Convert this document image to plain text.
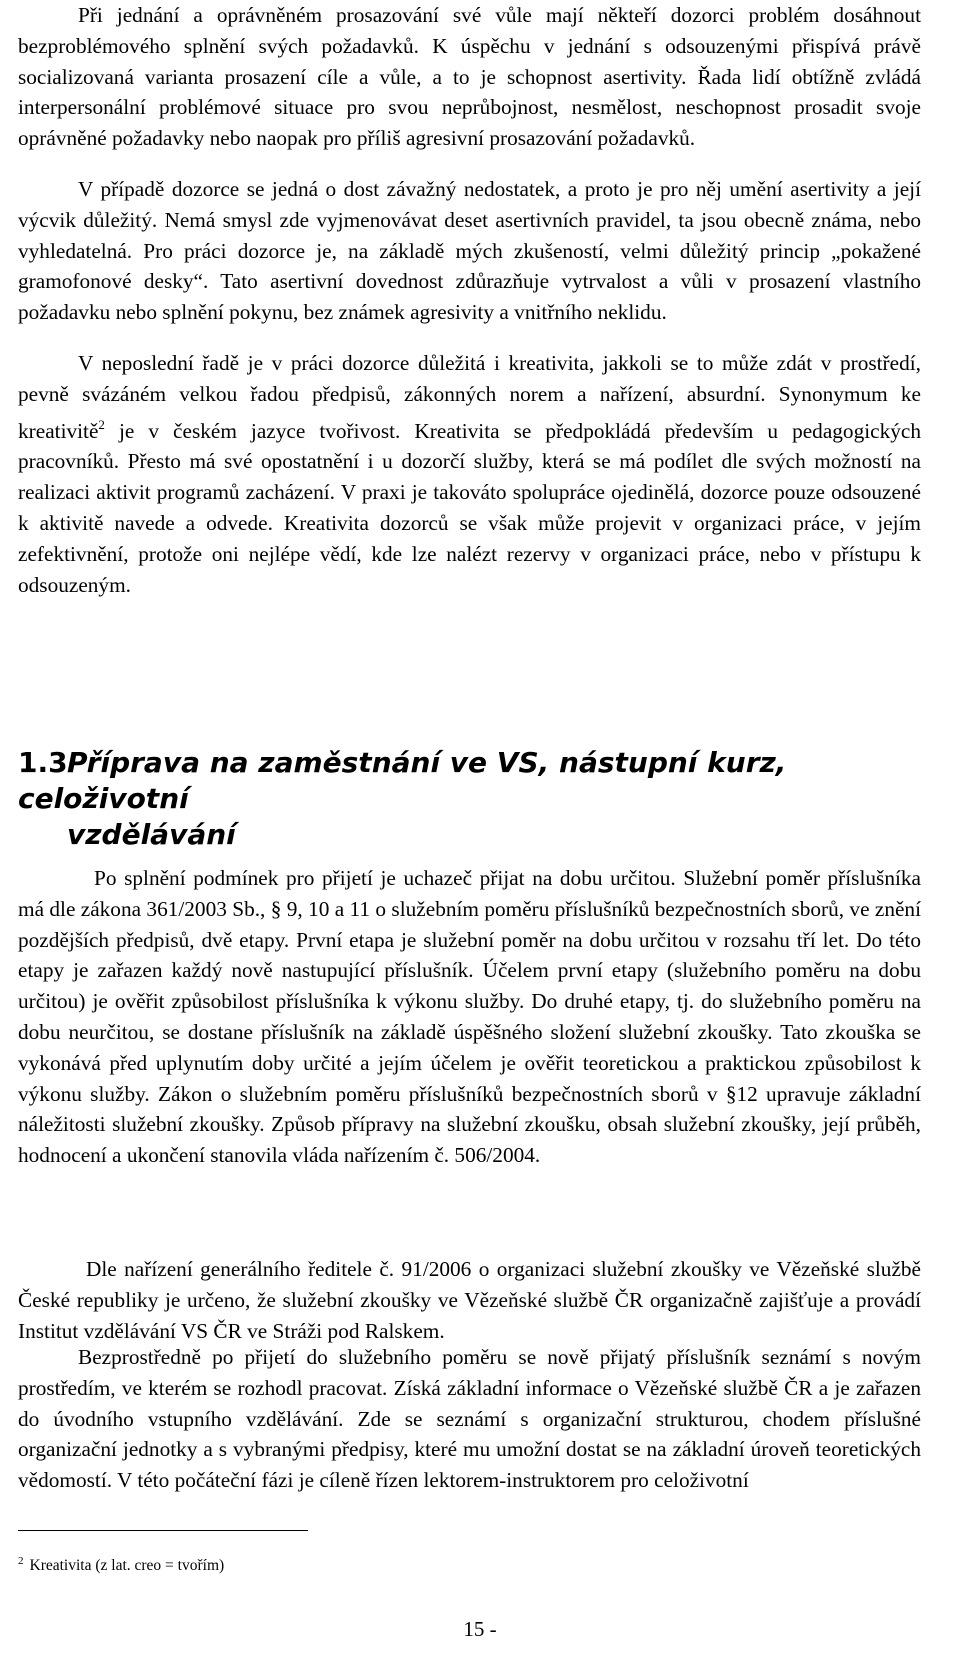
Při jednání a oprávněném prosazování své vůle mají někteří dozorci problém dosáhnout bezproblémového splnění svých požadavků. K úspěchu v jednání s odsouzenými přispívá právě socializovaná varianta prosazení cíle a vůle, a to je schopnost asertivity. Řada lidí obtížně zvládá interpersonální problémové situace pro svou neprůbojnost, nesmělost, neschopnost prosadit svoje oprávněné požadavky nebo naopak pro příliš agresivní prosazování požadavků.

V případě dozorce se jedná o dost závažný nedostatek, a proto je pro něj umění asertivity a její výcvik důležitý. Nemá smysl zde vyjmenovávat deset asertivních pravidel, ta jsou obecně známa, nebo vyhledatelná. Pro práci dozorce je, na základě mých zkušeností, velmi důležitý princip „pokažené gramofonové desky“. Tato asertivní dovednost zdůrazňuje vytrvalost a vůli v prosazení vlastního požadavku nebo splnění pokynu, bez známek agresivity a vnitřního neklidu.

V neposlední řadě je v práci dozorce důležitá i kreativita, jakkoli se to může zdát v prostředí, pevně svázáném velkou řadou předpisů, zákonných norem a nařízení, absurdní. Synonymum ke kreativitě$^2$ je v českém jazyce tvořivost. Kreativita se předpokládá především u pedagogických pracovníků. Přesto má své opostatnění i u dozorčí služby, která se má podílet dle svých možností na realizaci aktivit programů zacházení. V praxi je takováto spolupráce ojedinělá, dozorce pouze odsouzené k aktivitě navede a odvede. Kreativita dozorců se však může projevit v organizaci práce, v jejím zefektivnění, protože oni nejlépe vědí, kde lze nalézt rezervy v organizaci práce, nebo v přístupu k odsouzeným.

1.3Příprava na zaměstnání ve VS, nástupní kurz, celoživotní
vzdělávání

Po splnění podmínek pro přijetí je uchazeč přijat na dobu určitou. Služební poměr příslušníka má dle zákona 361/2003 Sb., § 9, 10 a 11 o služebním poměru příslušníků bezpečnostních sborů, ve znění pozdějších předpisů, dvě etapy. První etapa je služební poměr na dobu určitou v rozsahu tří let. Do této etapy je zařazen každý nově nastupující příslušník. Účelem první etapy (služebního poměru na dobu určitou) je ověřit způsobilost příslušníka k výkonu služby. Do druhé etapy, tj. do služebního poměru na dobu neurčitou, se dostane příslušník na základě úspěšného složení služební zkoušky. Tato zkouška se vykonává před uplynutím doby určité a jejím účelem je ověřit teoretickou a praktickou způsobilost k výkonu služby. Zákon o služebním poměru příslušníků bezpečnostních sborů v §12 upravuje základní náležitosti služební zkoušky. Způsob přípravy na služební zkoušku, obsah služební zkoušky, její průběh, hodnocení a ukončení stanovila vláda nařízením č. 506/2004.

Dle nařízení generálního ředitele č. 91/2006 o organizaci služební zkoušky ve Vězeňské službě České republiky je určeno, že služební zkoušky ve Vězeňské službě ČR organizačně zajišťuje a provádí Institut vzdělávání VS ČR ve Stráži pod Ralskem.

Bezprostředně po přijetí do služebního poměru se nově přijatý příslušník seznámí s novým prostředím, ve kterém se rozhodl pracovat. Získá základní informace o Vězeňské službě ČR a je zařazen do úvodního vstupního vzdělávání. Zde se seznámí s organizační strukturou, chodem příslušné organizační jednotky a s vybranými předpisy, které mu umožní dostat se na základní úroveň teoretických vědomostí. V této počáteční fázi je cíleně řízen lektorem-instruktorem pro celoživotní

$^2$ Kreativita (z lat. creo = tvořím)
15 -
